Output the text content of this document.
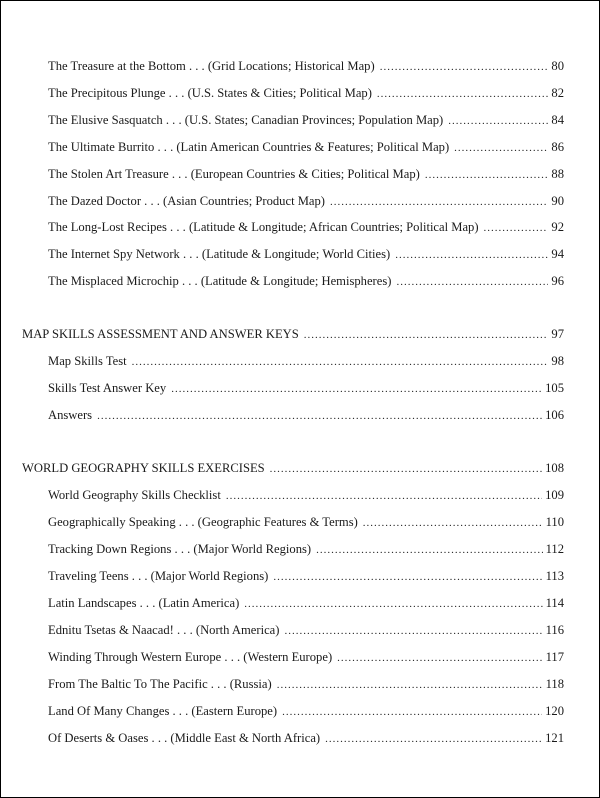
The Treasure at the Bottom . . . (Grid Locations; Historical Map) .....	80
The Precipitous Plunge . . . (U.S. States & Cities; Political Map) .....	82
The Elusive Sasquatch . . . (U.S. States; Canadian Provinces; Population Map) .....	84
The Ultimate Burrito . . . (Latin American Countries & Features; Political Map) .....	86
The Stolen Art Treasure . . . (European Countries & Cities; Political Map) .....	88
The Dazed Doctor . . . (Asian Countries; Product Map) .....	90
The Long-Lost Recipes . . . (Latitude & Longitude; African Countries; Political Map) .....	92
The Internet Spy Network . . . (Latitude & Longitude; World Cities) .....	94
The Misplaced Microchip . . . (Latitude & Longitude; Hemispheres) .....	96
MAP SKILLS ASSESSMENT AND ANSWER KEYS .....	97
Map Skills Test .....	98
Skills Test Answer Key .....	105
Answers .....	106
WORLD GEOGRAPHY SKILLS EXERCISES .....	108
World Geography Skills Checklist .....	109
Geographically Speaking . . . (Geographic Features & Terms) .....	110
Tracking Down Regions . . . (Major World Regions) .....	112
Traveling Teens . . . (Major World Regions) .....	113
Latin Landscapes . . . (Latin America) .....	114
Ednitu Tsetas & Naacad! . . . (North America) .....	116
Winding Through Western Europe . . . (Western Europe) .....	117
From The Baltic To The Pacific . . . (Russia) .....	118
Land Of Many Changes . . . (Eastern Europe) .....	120
Of Deserts & Oases . . . (Middle East & North Africa) .....	121
